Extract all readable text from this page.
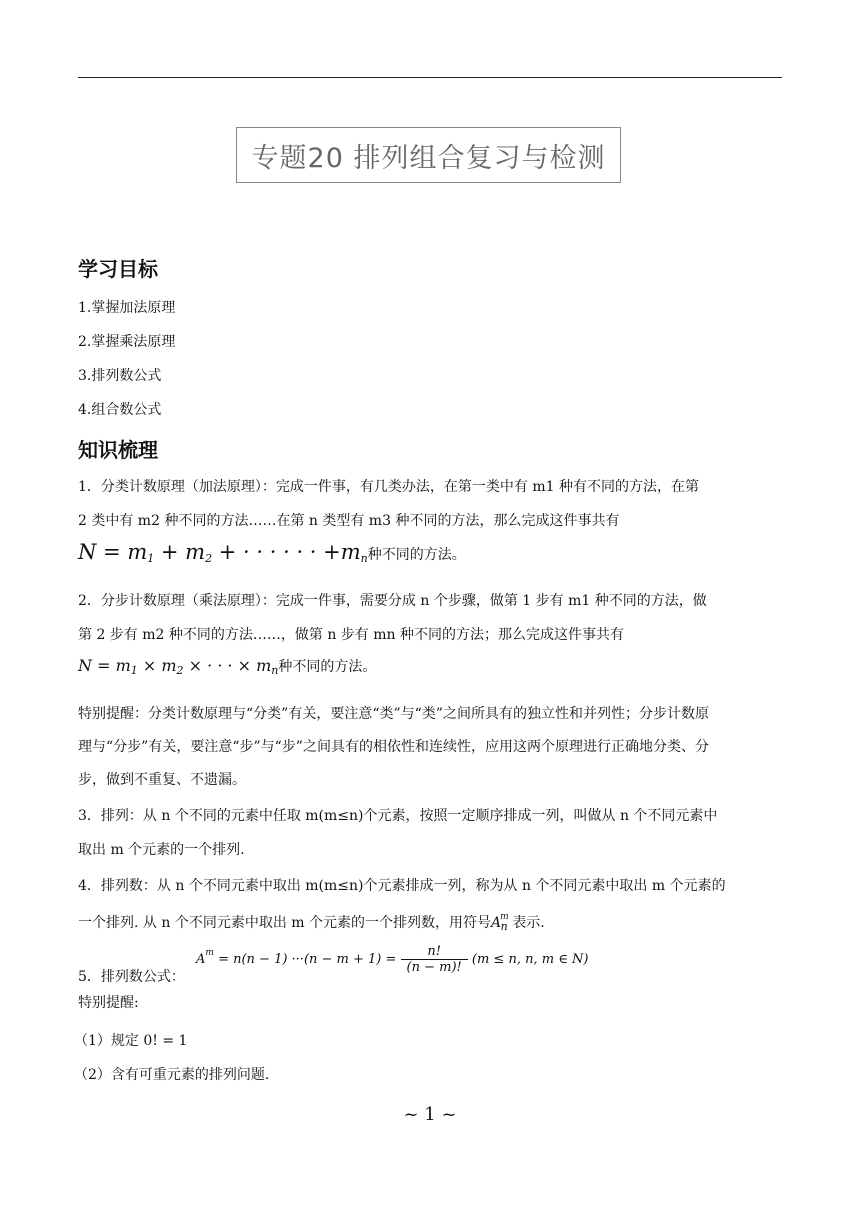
专题20 排列组合复习与检测
学习目标
1.掌握加法原理
2.掌握乘法原理
3.排列数公式
4.组合数公式
知识梳理
1．分类计数原理（加法原理）：完成一件事，有几类办法，在第一类中有 m1 种有不同的方法，在第
2 类中有 m2 种不同的方法……在第 n 类型有 m3 种不同的方法，那么完成这件事共有
$N = m_1 + m_2$ + · · · · · · $+m_n$种不同的方法。
2．分步计数原理（乘法原理）：完成一件事，需要分成 n 个步骤，做第 1 步有 m1 种不同的方法，做
第 2 步有 m2 种不同的方法……，做第 n 步有 mn 种不同的方法；那么完成这件事共有
$N = m_1 \times m_2$ × · · · × $m_n$种不同的方法。
特别提醒：分类计数原理与“分类”有关，要注意“类”与“类”之间所具有的独立性和并列性；分步计数原
理与“分步”有关，要注意“步”与“步”之间具有的相依性和连续性，应用这两个原理进行正确地分类、分
步，做到不重复、不遗漏。
3．排列：从 n 个不同的元素中任取 m(m≤n)个元素，按照一定顺序排成一列，叫做从 n 个不同元素中
取出 m 个元素的一个排列.
4．排列数：从 n 个不同元素中取出 m(m≤n)个元素排成一列，称为从 n 个不同元素中取出 m 个元素的
一个排列. 从 n 个不同元素中取出 m 个元素的一个排列数，用符号$A^m_n$ 表示.
5．排列数公式：
$A^m = n(n - 1) \cdot\cdot\cdot(n - m + 1) = \frac{n!}{(n - m)!} (m \le n$, n, m ∈ N)
特别提醒:
（1）规定 0! = 1
（2）含有可重元素的排列问题.
~ 1 ~
